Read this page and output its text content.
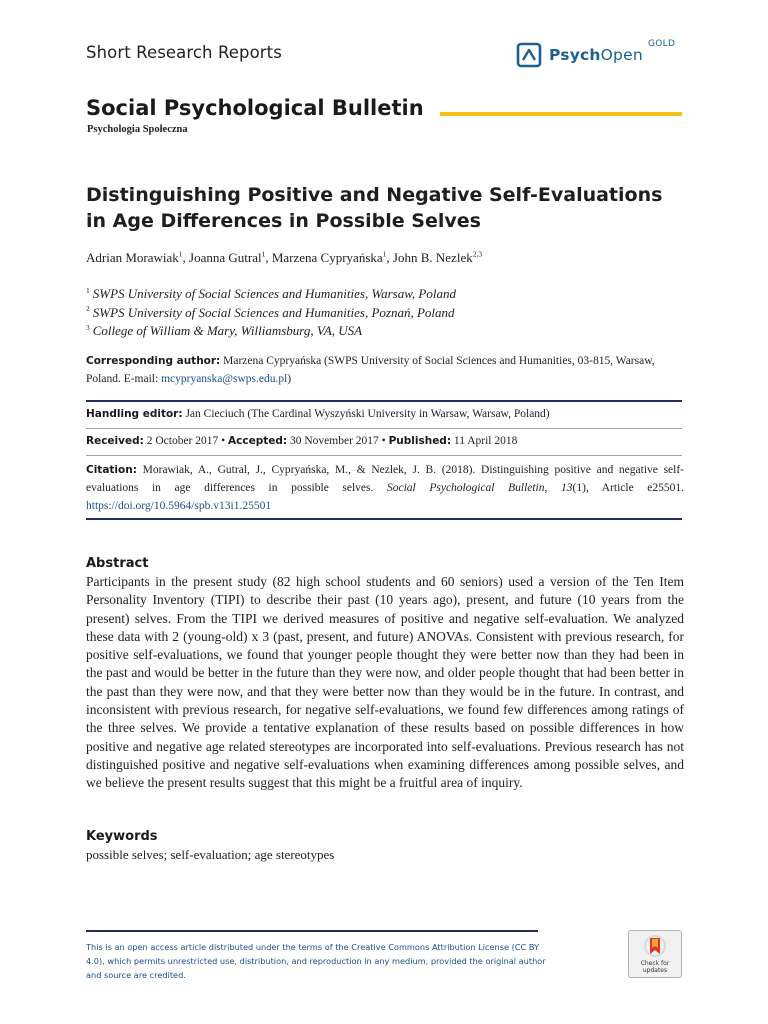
Short Research Reports	PsychOpen
GOLD
Social Psychological Bulletin
Psychologia Społeczna
Distinguishing Positive and Negative Self-Evaluations in Age Differences in Possible Selves
Adrian Morawiak$^1$, Joanna Gutral$^1$, Marzena Cypryańska$^1$, John B. Nezlek$^{2,3}$
$^1$ SWPS University of Social Sciences and Humanities, Warsaw, Poland
$^2$ SWPS University of Social Sciences and Humanities, Poznań, Poland
$^3$ College of William & Mary, Williamsburg, VA, USA
Corresponding author: Marzena Cypryańska (SWPS University of Social Sciences and Humanities, 03-815, Warsaw, Poland. E-mail: mcypryanska@swps.edu.pl)
Handling editor: Jan Cieciuch (The Cardinal Wyszyński University in Warsaw, Warsaw, Poland)
Received: 2 October 2017 • Accepted: 30 November 2017 • Published: 11 April 2018
Citation: Morawiak, A., Gutral, J., Cypryańska, M., & Nezlek, J. B. (2018). Distinguishing positive and negative self-evaluations in age differences in possible selves. Social Psychological Bulletin, 13(1), Article e25501. https://doi.org/10.5964/spb.v13i1.25501
Abstract
Participants in the present study (82 high school students and 60 seniors) used a version of the Ten Item Personality Inventory (TIPI) to describe their past (10 years ago), present, and future (10 years from the present) selves. From the TIPI we derived measures of positive and negative self-evaluation. We analyzed these data with 2 (young-old) x 3 (past, present, and future) ANOVAs. Consistent with previous research, for positive self-evaluations, we found that younger people thought they were better now than they had been in the past and would be better in the future than they were now, and older people thought that had been better in the past than they were now, and that they were better now than they would be in the future. In contrast, and inconsistent with previous research, for negative self-evaluations, we found few differences among ratings of the three selves. We provide a tentative explanation of these results based on possible differences in how positive and negative age related stereotypes are incorporated into self-evaluations. Previous research has not distinguished positive and negative self-evaluations when examining differences among possible selves, and we believe the present results suggest that this might be a fruitful area of inquiry.
Keywords
possible selves; self-evaluation; age stereotypes
This is an open access article distributed under the terms of the Creative Commons Attribution License (CC BY 4.0), which permits unrestricted use, distribution, and reproduction in any medium, provided the original author and source are credited.
Check for
updates
